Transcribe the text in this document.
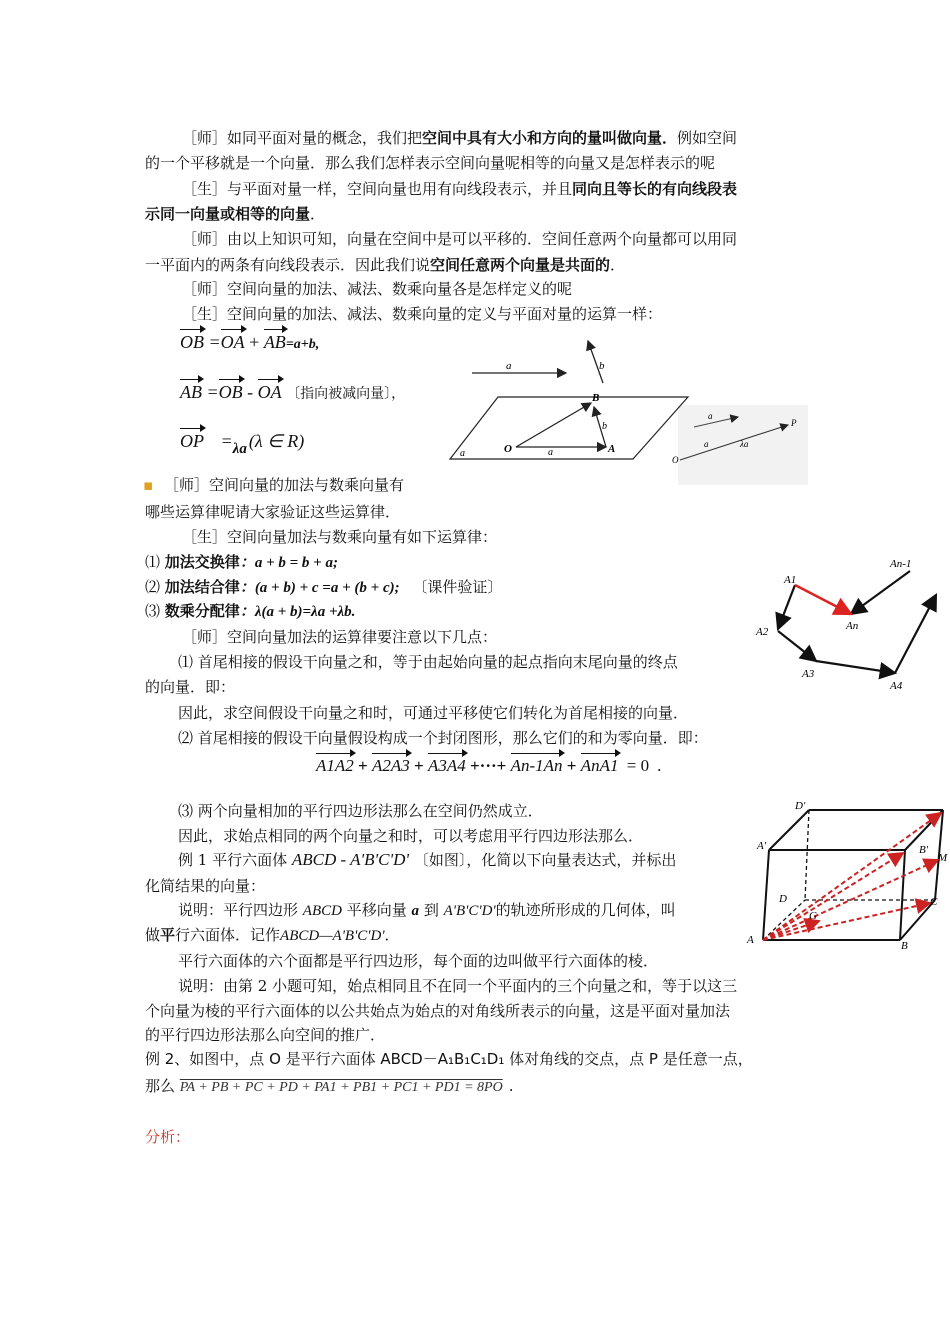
［师］如同平面对量的概念，我们把空间中具有大小和方向的量叫做向量．例如空间
的一个平移就是一个向量．那么我们怎样表示空间向量呢相等的向量又是怎样表示的呢
［生］与平面对量一样，空间向量也用有向线段表示，并且同向且等长的有向线段表
示同一向量或相等的向量．
［师］由以上知识可知，向量在空间中是可以平移的．空间任意两个向量都可以用同
一平面内的两条有向线段表示．因此我们说空间任意两个向量是共面的．
［师］空间向量的加法、减法、数乘向量各是怎样定义的呢
［生］空间向量的加法、减法、数乘向量的定义与平面对量的运算一样：
OB =OA + AB=a+b,
AB =OB - OA 〔指向被减向量〕，
OP $=_{\lambda a}$ (λ ∈ R)
a	b
a
B
O	A
a
b
a
O
a	λa
P
▪ ［师］空间向量的加法与数乘向量有
哪些运算律呢请大家验证这些运算律．
［生］空间向量加法与数乘向量有如下运算律：
⑴ 加法交换律：a + b = b + a;
⑵ 加法结合律：(a + b) + c =a + (b + c); 〔课件验证〕
⑶ 数乘分配律：λ(a + b)=λa +λb.
［师］空间向量加法的运算律要注意以下几点：
⑴ 首尾相接的假设干向量之和，等于由起始向量的起点指向末尾向量的终点
的向量．即：
A1
A2
A3
A4
An
An-1
因此，求空间假设干向量之和时，可通过平移使它们转化为首尾相接的向量．
⑵ 首尾相接的假设干向量假设构成一个封闭图形，那么它们的和为零向量．即：
A1A2 + A2A3 + A3A4 +···+ An-1An + AnA1 = 0 .
⑶ 两个向量相加的平行四边形法那么在空间仍然成立．
因此，求始点相同的两个向量之和时，可以考虑用平行四边形法那么．
例 1 平行六面体 ABCD - A'B'C'D' 〔如图〕，化简以下向量表达式，并标出
化简结果的向量：
说明：平行四边形 ABCD 平移向量 a 到 A'B'C'D'的轨迹所形成的几何体，叫
做平行六面体．记作ABCD—A'B'C'D'．
平行六面体的六个面都是平行四边形，每个面的边叫做平行六面体的棱．
说明：由第 2 小题可知，始点相同且不在同一个平面内的三个向量之和，等于以这三
个向量为棱的平行六面体的以公共始点为始点的对角线所表示的向量，这是平面对量加法
的平行四边形法那么向空间的推广．
D'
A'	B'
M
D
G
C
A	B
例 2、如图中，点 O 是平行六面体 ABCD－A₁B₁C₁D₁ 体对角线的交点，点 P 是任意一点，
那么 PA + PB + PC + PD + PA1 + PB1 + PC1 + PD1 = 8PO .
分析：
